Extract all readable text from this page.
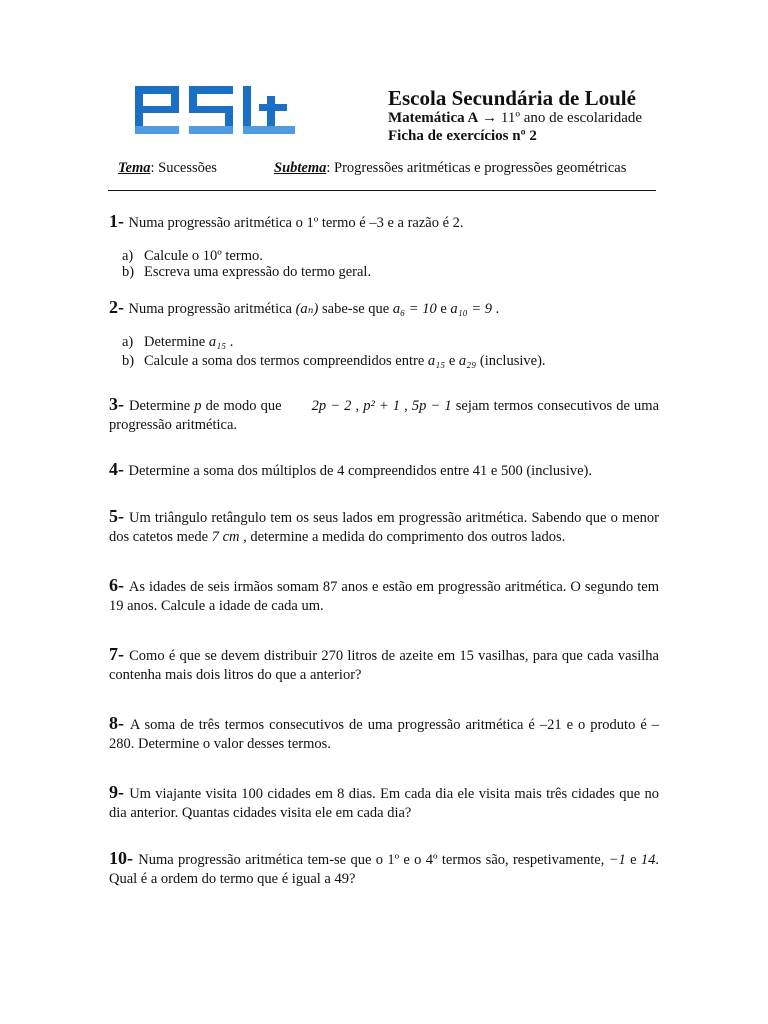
Escola Secundária de Loulé
Matemática A → 11º ano de escolaridade
Ficha de exercícios nº 2
Tema: Sucessões	Subtema: Progressões aritméticas e progressões geométricas
1 - Numa progressão aritmética o 1º termo é –3 e a razão é 2.
a) Calcule o 10º termo.
b) Escreva uma expressão do termo geral.
2 - Numa progressão aritmética (aₙ) sabe-se que a₆ = 10 e a₁₀ = 9 .
a) Determine a₁₅ .
b) Calcule a soma dos termos compreendidos entre a₁₅ e a₂₉ (inclusive).
3 - Determine p de modo que 2p − 2 , p² + 1 , 5p − 1 sejam termos consecutivos de uma progressão aritmética.
4 - Determine a soma dos múltiplos de 4 compreendidos entre 41 e 500 (inclusive).
5 - Um triângulo retângulo tem os seus lados em progressão aritmética. Sabendo que o menor dos catetos mede 7 cm , determine a medida do comprimento dos outros lados.
6 - As idades de seis irmãos somam 87 anos e estão em progressão aritmética. O segundo tem 19 anos. Calcule a idade de cada um.
7 - Como é que se devem distribuir 270 litros de azeite em 15 vasilhas, para que cada vasilha contenha mais dois litros do que a anterior?
8 - A soma de três termos consecutivos de uma progressão aritmética é –21 e o produto é –280. Determine o valor desses termos.
9 - Um viajante visita 100 cidades em 8 dias. Em cada dia ele visita mais três cidades que no dia anterior. Quantas cidades visita ele em cada dia?
10 - Numa progressão aritmética tem-se que o 1º e o 4º termos são, respetivamente, −1 e 14. Qual é a ordem do termo que é igual a 49?
